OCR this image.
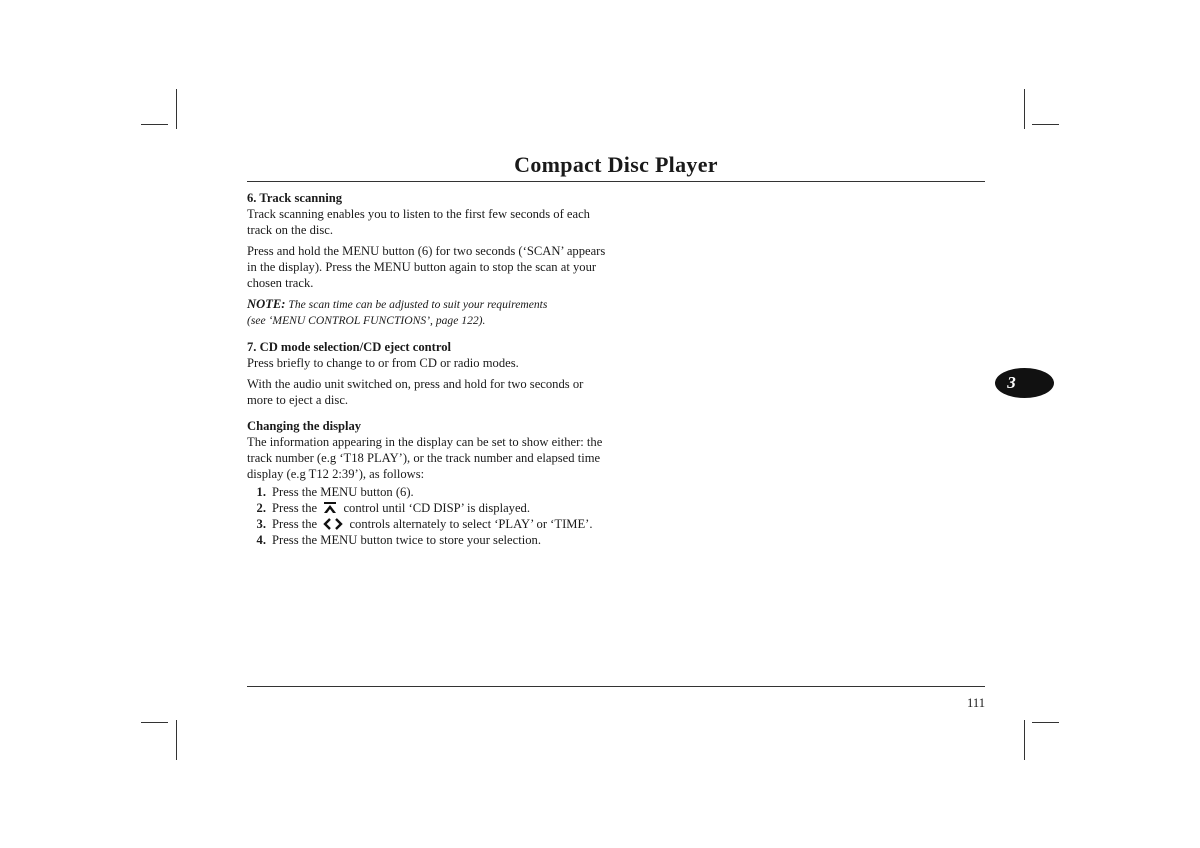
Compact Disc Player
6. Track scanning

Track scanning enables you to listen to the first few seconds of each track on the disc.

Press and hold the MENU button (6) for two seconds (‘SCAN’ appears in the display). Press the MENU button again to stop the scan at your chosen track.

NOTE: The scan time can be adjusted to suit your requirements
(see ‘MENU CONTROL FUNCTIONS’, page 122).

7. CD mode selection/CD eject control

Press briefly to change to or from CD or radio modes.

With the audio unit switched on, press and hold for two seconds or more to eject a disc.

Changing the display

The information appearing in the display can be set to show either: the track number (e.g ‘T18 PLAY’), or the track number and elapsed time display (e.g T12 2:39’), as follows:

1. Press the MENU button (6).
2. Press the control until ‘CD DISP’ is displayed.
3. Press the	controls alternately to select ‘PLAY’ or ‘TIME’.
4. Press the MENU button twice to store your selection.
3
111
